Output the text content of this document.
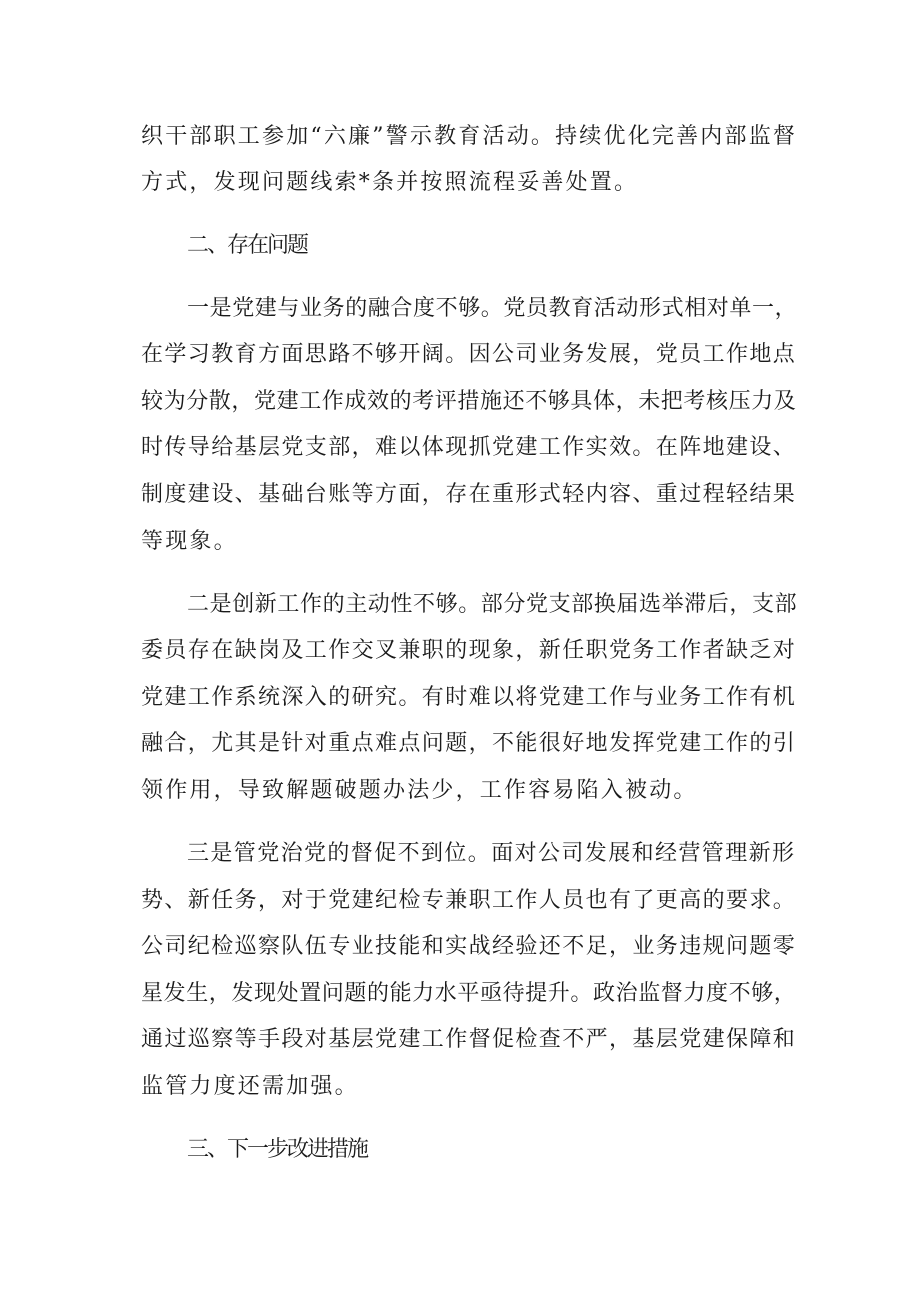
织干部职工参加“六廉”警示教育活动。持续优化完善内部监督
方式，发现问题线索*条并按照流程妥善处置。
二、存在问题
一是党建与业务的融合度不够。党员教育活动形式相对单一，
在学习教育方面思路不够开阔。因公司业务发展，党员工作地点
较为分散，党建工作成效的考评措施还不够具体，未把考核压力及
时传导给基层党支部，难以体现抓党建工作实效。在阵地建设、
制度建设、基础台账等方面，存在重形式轻内容、重过程轻结果
等现象。
二是创新工作的主动性不够。部分党支部换届选举滞后，支部
委员存在缺岗及工作交叉兼职的现象，新任职党务工作者缺乏对
党建工作系统深入的研究。有时难以将党建工作与业务工作有机
融合，尤其是针对重点难点问题，不能很好地发挥党建工作的引
领作用，导致解题破题办法少，工作容易陷入被动。
三是管党治党的督促不到位。面对公司发展和经营管理新形
势、新任务，对于党建纪检专兼职工作人员也有了更高的要求。
公司纪检巡察队伍专业技能和实战经验还不足，业务违规问题零
星发生，发现处置问题的能力水平亟待提升。政治监督力度不够，
通过巡察等手段对基层党建工作督促检查不严，基层党建保障和
监管力度还需加强。
三、下一步改进措施
